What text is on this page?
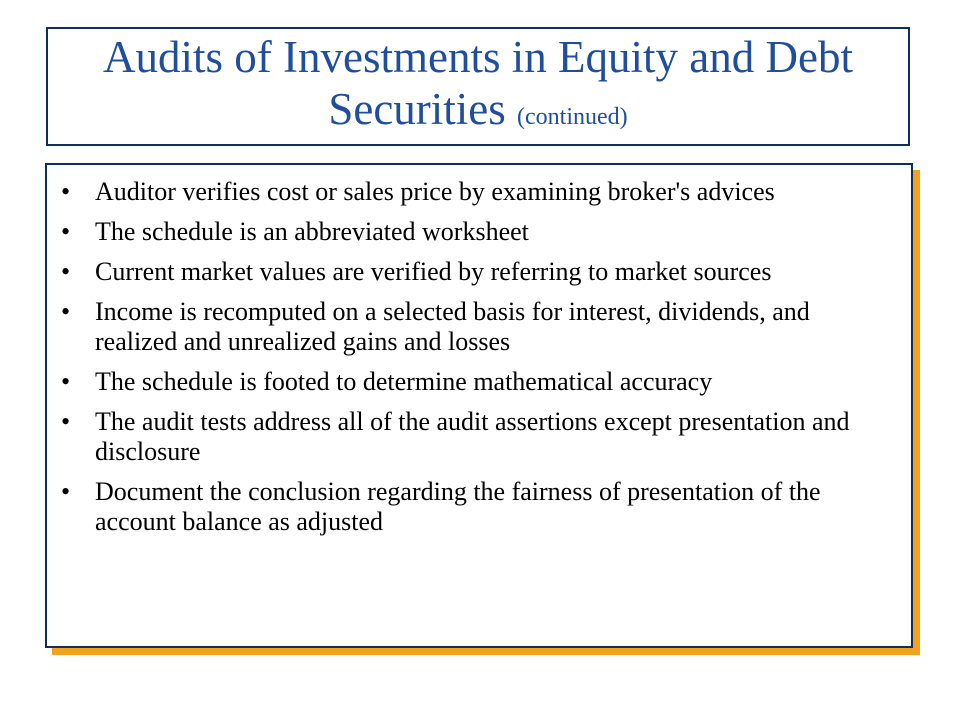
Audits of Investments in Equity and Debt Securities (continued)
• Auditor verifies cost or sales price by examining broker's advices
• The schedule is an abbreviated worksheet
• Current market values are verified by referring to market sources
• Income is recomputed on a selected basis for interest, dividends, and realized and unrealized gains and losses
• The schedule is footed to determine mathematical accuracy
• The audit tests address all of the audit assertions except presentation and disclosure
• Document the conclusion regarding the fairness of presentation of the account balance as adjusted
